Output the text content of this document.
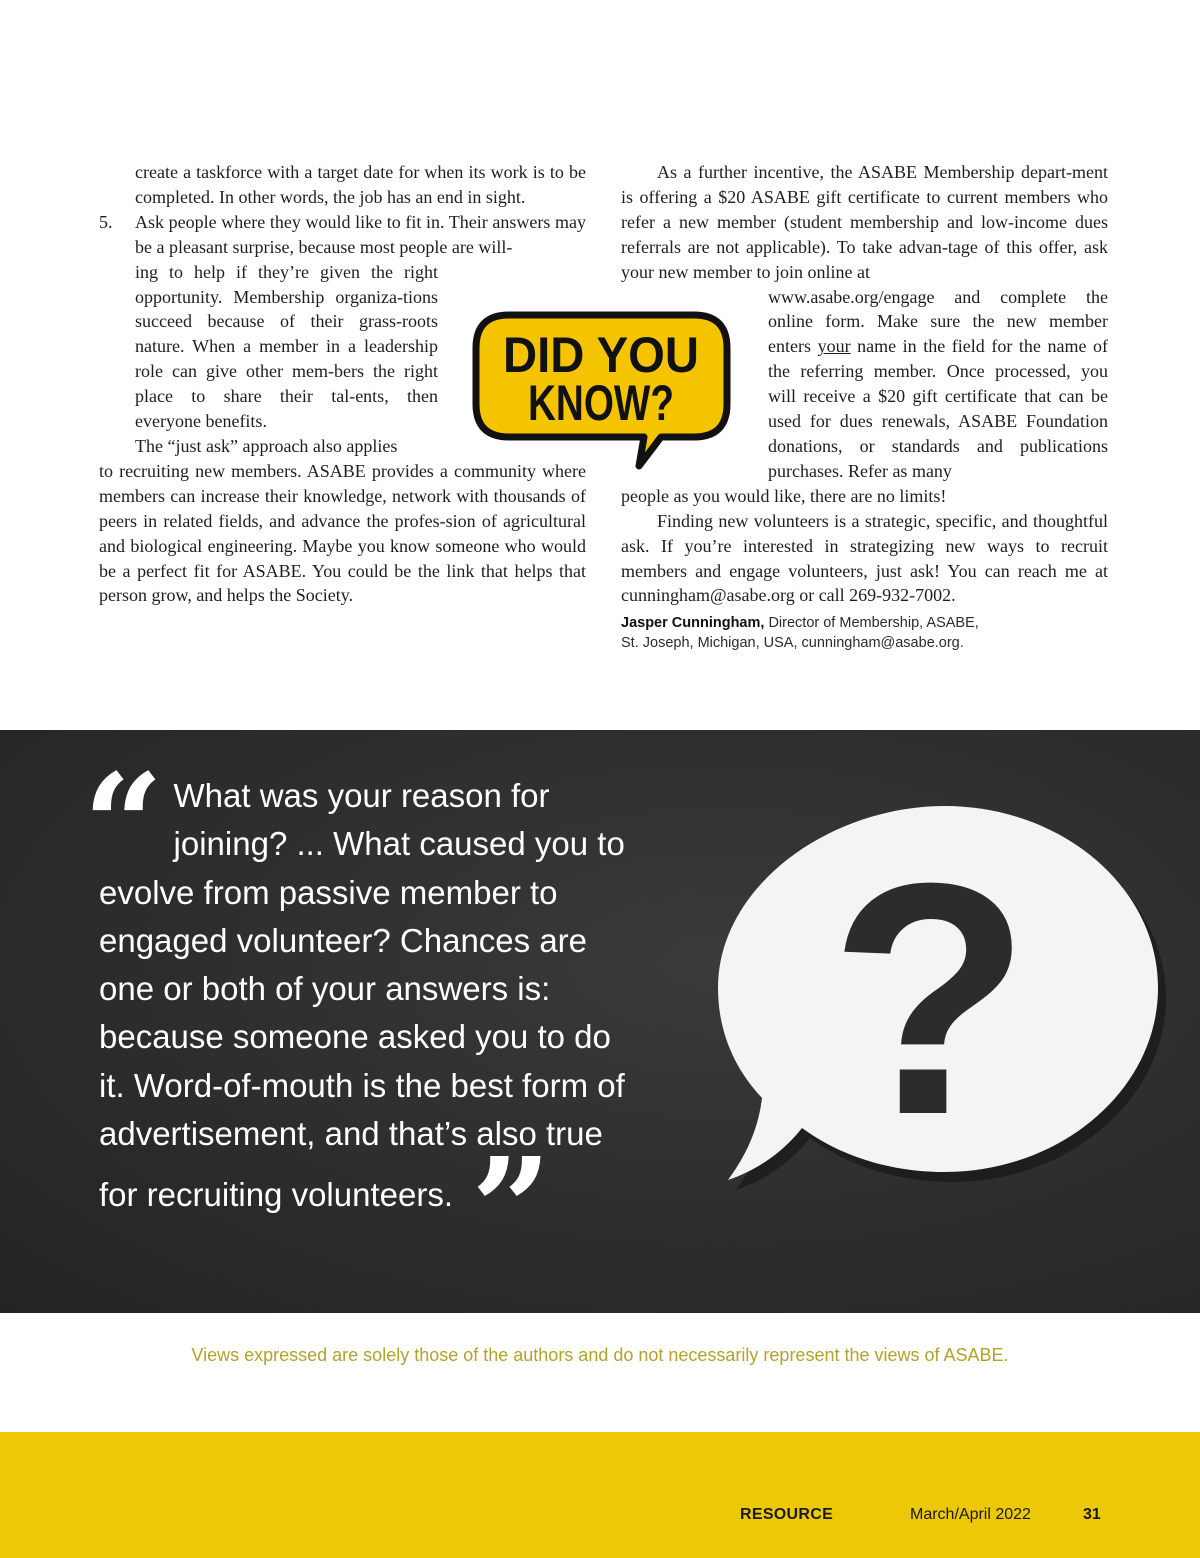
create a taskforce with a target date for when its work is to be completed. In other words, the job has an end in sight.

5. Ask people where they would like to fit in. Their answers may be a pleasant surprise, because most people are will-

ing to help if they’re given the right opportunity. Membership organiza-tions succeed because of their grass-roots nature. When a member in a leadership role can give other mem-bers the right place to share their tal-ents, then everyone benefits.

The “just ask” approach also applies

to recruiting new members. ASABE provides a community where members can increase their knowledge, network with thousands of peers in related fields, and advance the profes-sion of agricultural and biological engineering. Maybe you know someone who would be a perfect fit for ASABE. You could be the link that helps that person grow, and helps the Society.

As a further incentive, the ASABE Membership depart-ment is offering a $20 ASABE gift certificate to current members who refer a new member (student membership and low-income dues referrals are not applicable). To take advan-tage of this offer, ask your new member to join online at

www.asabe.org/engage and complete the online form. Make sure the new member enters your name in the field for the name of the referring member. Once processed, you will receive a $20 gift certificate that can be used for dues renewals, ASABE Foundation donations, or standards and publications purchases. Refer as many

people as you would like, there are no limits!

Finding new volunteers is a strategic, specific, and thoughtful ask. If you’re interested in strategizing new ways to recruit members and engage volunteers, just ask! You can reach me at cunningham@asabe.org or call 269-932-7002.

Jasper Cunningham, Director of Membership, ASABE,
St. Joseph, Michigan, USA, cunningham@asabe.org.

DID YOU
KNOW?
?
“ What was your reason for joining? ... What caused you to evolve from passive member to engaged volunteer? Chances are one or both of your answers is: because someone asked you to do it. Word-of-mouth is the best form of advertisement, and that’s also true for recruiting volunteers. ”
Views expressed are solely those of the authors and do not necessarily represent the views of ASABE.
RESOURCE	March/April 2022	31
